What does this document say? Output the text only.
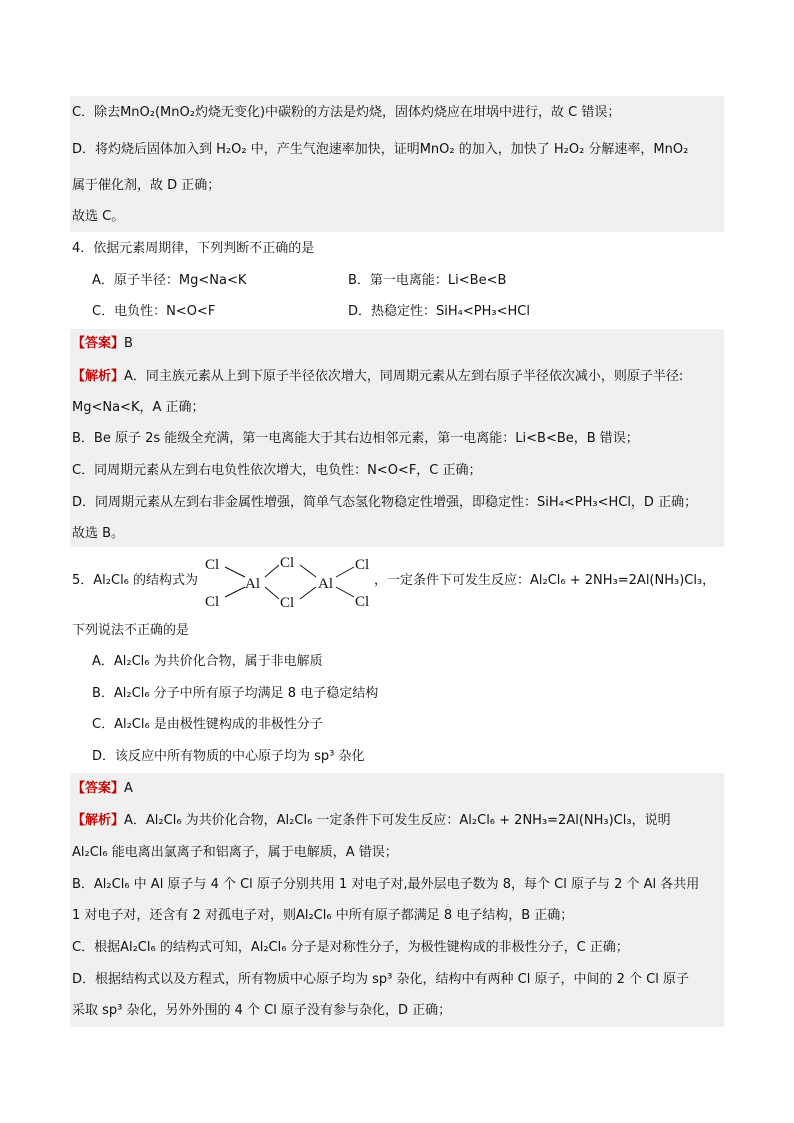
C．除去MnO₂(MnO₂灼烧无变化)中碳粉的方法是灼烧，固体灼烧应在坩埚中进行，故 C 错误；
D．将灼烧后固体加入到 H₂O₂ 中，产生气泡速率加快，证明MnO₂ 的加入，加快了 H₂O₂ 分解速率，MnO₂
属于催化剂，故 D 正确；
故选 C。
4．依据元素周期律，下列判断不正确的是
A．原子半径：Mg<Na<K	B．第一电离能：Li<Be<B
C．电负性：N<O<F	D．热稳定性：SiH₄<PH₃<HCl
【答案】B
【解析】A．同主族元素从上到下原子半径依次增大，同周期元素从左到右原子半径依次减小，则原子半径:
Mg<Na<K，A 正确；
B．Be 原子 2s 能级全充满，第一电离能大于其右边相邻元素，第一电离能：Li<B<Be，B 错误；
C．同周期元素从左到右电负性依次增大，电负性：N<O<F，C 正确；
D．同周期元素从左到右非金属性增强，简单气态氢化物稳定性增强，即稳定性：SiH₄<PH₃<HCl，D 正确；
故选 B。
5．Al₂Cl₆ 的结构式为
Cl
Cl
Cl
Al	Al
Cl
Cl
Cl
，一定条件下可发生反应：Al₂Cl₆ + 2NH₃=2Al(NH₃)Cl₃，
下列说法不正确的是
A．Al₂Cl₆ 为共价化合物，属于非电解质
B．Al₂Cl₆ 分子中所有原子均满足 8 电子稳定结构
C．Al₂Cl₆ 是由极性键构成的非极性分子
D．该反应中所有物质的中心原子均为 sp³ 杂化
【答案】A
【解析】A．Al₂Cl₆ 为共价化合物，Al₂Cl₆ 一定条件下可发生反应：Al₂Cl₆ + 2NH₃=2Al(NH₃)Cl₃，说明
Al₂Cl₆ 能电离出氯离子和铝离子，属于电解质，A 错误；
B．Al₂Cl₆ 中 Al 原子与 4 个 Cl 原子分别共用 1 对电子对,最外层电子数为 8，每个 Cl 原子与 2 个 Al 各共用
1 对电子对，还含有 2 对孤电子对，则Al₂Cl₆ 中所有原子都满足 8 电子结构，B 正确；
C．根据Al₂Cl₆ 的结构式可知，Al₂Cl₆ 分子是对称性分子，为极性键构成的非极性分子，C 正确；
D．根据结构式以及方程式，所有物质中心原子均为 sp³ 杂化，结构中有两种 Cl 原子，中间的 2 个 Cl 原子
采取 sp³ 杂化，另外外围的 4 个 Cl 原子没有参与杂化，D 正确；
